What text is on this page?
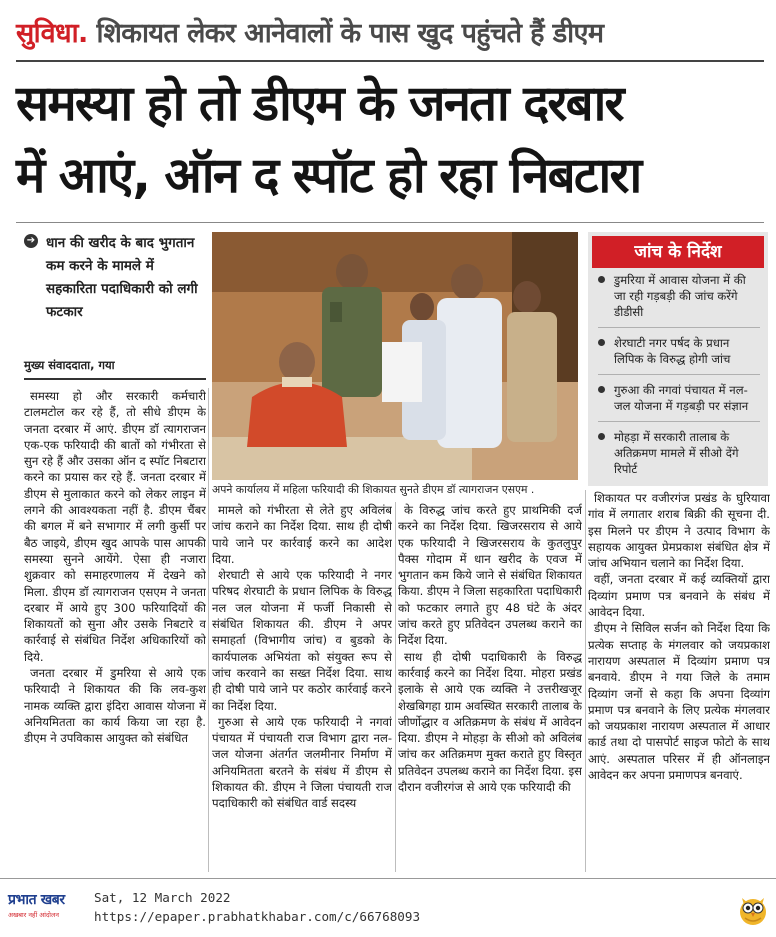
सुविधा. शिकायत लेकर आनेवालों के पास खुद पहुंचते हैं डीएम
समस्या हो तो डीएम के जनता दरबार
में आएं, ऑन द स्पॉट हो रहा निबटारा
➔ धान की खरीद के बाद भुगतान कम करने के मामले में सहकारिता पदाधिकारी को लगी फटकार
मुख्य संवाददाता, गया

समस्या हो और सरकारी कर्मचारी टालमटोल कर रहे हैं, तो सीधे डीएम के जनता दरबार में आएं. डीएम डॉ त्यागराजन एक-एक फरियादी की बातों को गंभीरता से सुन रहे हैं और उसका ऑन द स्पॉट निबटारा करने का प्रयास कर रहे हैं. जनता दरबार में डीएम से मुलाकात करने को लेकर लाइन में लगने की आवश्यकता नहीं है. डीएम चैंबर की बगल में बने सभागार में लगी कुर्सी पर बैठ जाइये, डीएम खुद आपके पास आपकी समस्या सुनने आयेंगे. ऐसा ही नजारा शुक्रवार को समाहरणालय में देखने को मिला. डीएम डॉ त्यागराजन एसएम ने जनता दरबार में आये हुए 300 फरियादियों की शिकायतों को सुना और उसके निबटारे व कार्रवाई से संबंधित निर्देश अधिकारियों को दिये.

जनता दरबार में डुमरिया से आये एक फरियादी ने शिकायत की कि लव-कुश नामक व्यक्ति द्वारा इंदिरा आवास योजना में अनियमितता का कार्य किया जा रहा है. डीएम ने उपविकास आयुक्त को संबंधित

अपने कार्यालय में महिला फरियादी की शिकायत सुनते डीएम डॉ त्यागराजन एसएम .
जांच के निर्देश
डुमरिया में आवास योजना में की जा रही गड़बड़ी की जांच करेंगे डीडीसी
शेरघाटी नगर पर्षद के प्रधान लिपिक के विरुद्ध होगी जांच
गुरुआ की नगवां पंचायत में नल-जल योजना में गड़बड़ी पर संज्ञान
मोहड़ा में सरकारी तालाब के अतिक्रमण मामले में सीओ देंगे रिपोर्ट

मामले को गंभीरता से लेते हुए अविलंब जांच कराने का निर्देश दिया. साथ ही दोषी पाये जाने पर कार्रवाई करने का आदेश दिया.

शेरघाटी से आये एक फरियादी ने नगर परिषद शेरघाटी के प्रधान लिपिक के विरुद्ध नल जल योजना में फर्जी निकासी से संबंधित शिकायत की. डीएम ने अपर समाहर्ता (विभागीय जांच) व बुडको के कार्यपालक अभियंता को संयुक्त रूप से जांच करवाने का सख्त निर्देश दिया. साथ ही दोषी पाये जाने पर कठोर कार्रवाई करने का निर्देश दिया.

गुरुआ से आये एक फरियादी ने नगवां पंचायत में पंचायती राज विभाग द्वारा नल-जल योजना अंतर्गत जलमीनार निर्माण में अनियमितता बरतने के संबंध में डीएम से शिकायत की. डीएम ने जिला पंचायती राज पदाधिकारी को संबंधित वार्ड सदस्य

के विरुद्ध जांच करते हुए प्राथमिकी दर्ज करने का निर्देश दिया. खिजरसराय से आये एक फरियादी ने खिजरसराय के कुतलुपुर पैक्स गोदाम में धान खरीद के एवज में भुगतान कम किये जाने से संबंधित शिकायत किया. डीएम ने जिला सहकारिता पदाधिकारी को फटकार लगाते हुए 48 घंटे के अंदर जांच करते हुए प्रतिवेदन उपलब्ध कराने का निर्देश दिया.

साथ ही दोषी पदाधिकारी के विरुद्ध कार्रवाई करने का निर्देश दिया. मोहरा प्रखंड इलाके से आये एक व्यक्ति ने उत्तरीखजूर शेखबिगहा ग्राम अवस्थित सरकारी तालाब के जीर्णोद्धार व अतिक्रमण के संबंध में आवेदन दिया. डीएम ने मोहड़ा के सीओ को अविलंब जांच कर अतिक्रमण मुक्त कराते हुए विस्तृत प्रतिवेदन उपलब्ध कराने का निर्देश दिया. इस दौरान वजीरगंज से आये एक फरियादी की

शिकायत पर वजीरगंज प्रखंड के घुरियावा गांव में लगातार शराब बिक्री की सूचना दी. इस मिलने पर डीएम ने उत्पाद विभाग के सहायक आयुक्त प्रेमप्रकाश संबंधित क्षेत्र में जांच अभियान चलाने का निर्देश दिया.

वहीं, जनता दरबार में कई व्यक्तियों द्वारा दिव्यांग प्रमाण पत्र बनवाने के संबंध में आवेदन दिया.

डीएम ने सिविल सर्जन को निर्देश दिया कि प्रत्येक सप्ताह के मंगलवार को जयप्रकाश नारायण अस्पताल में दिव्यांग प्रमाण पत्र बनवाये. डीएम ने गया जिले के तमाम दिव्यांग जनों से कहा कि अपना दिव्यांग प्रमाण पत्र बनवाने के लिए प्रत्येक मंगलवार को जयप्रकाश नारायण अस्पताल में आधार कार्ड तथा दो पासपोर्ट साइज फोटो के साथ आएं. अस्पताल परिसर में ही ऑनलाइन आवेदन कर अपना प्रमाणपत्र बनवाएं.

प्रभात खबर
अखबार नहीं आंदोलन
Sat, 12 March 2022
https://epaper.prabhatkhabar.com/c/66768093
